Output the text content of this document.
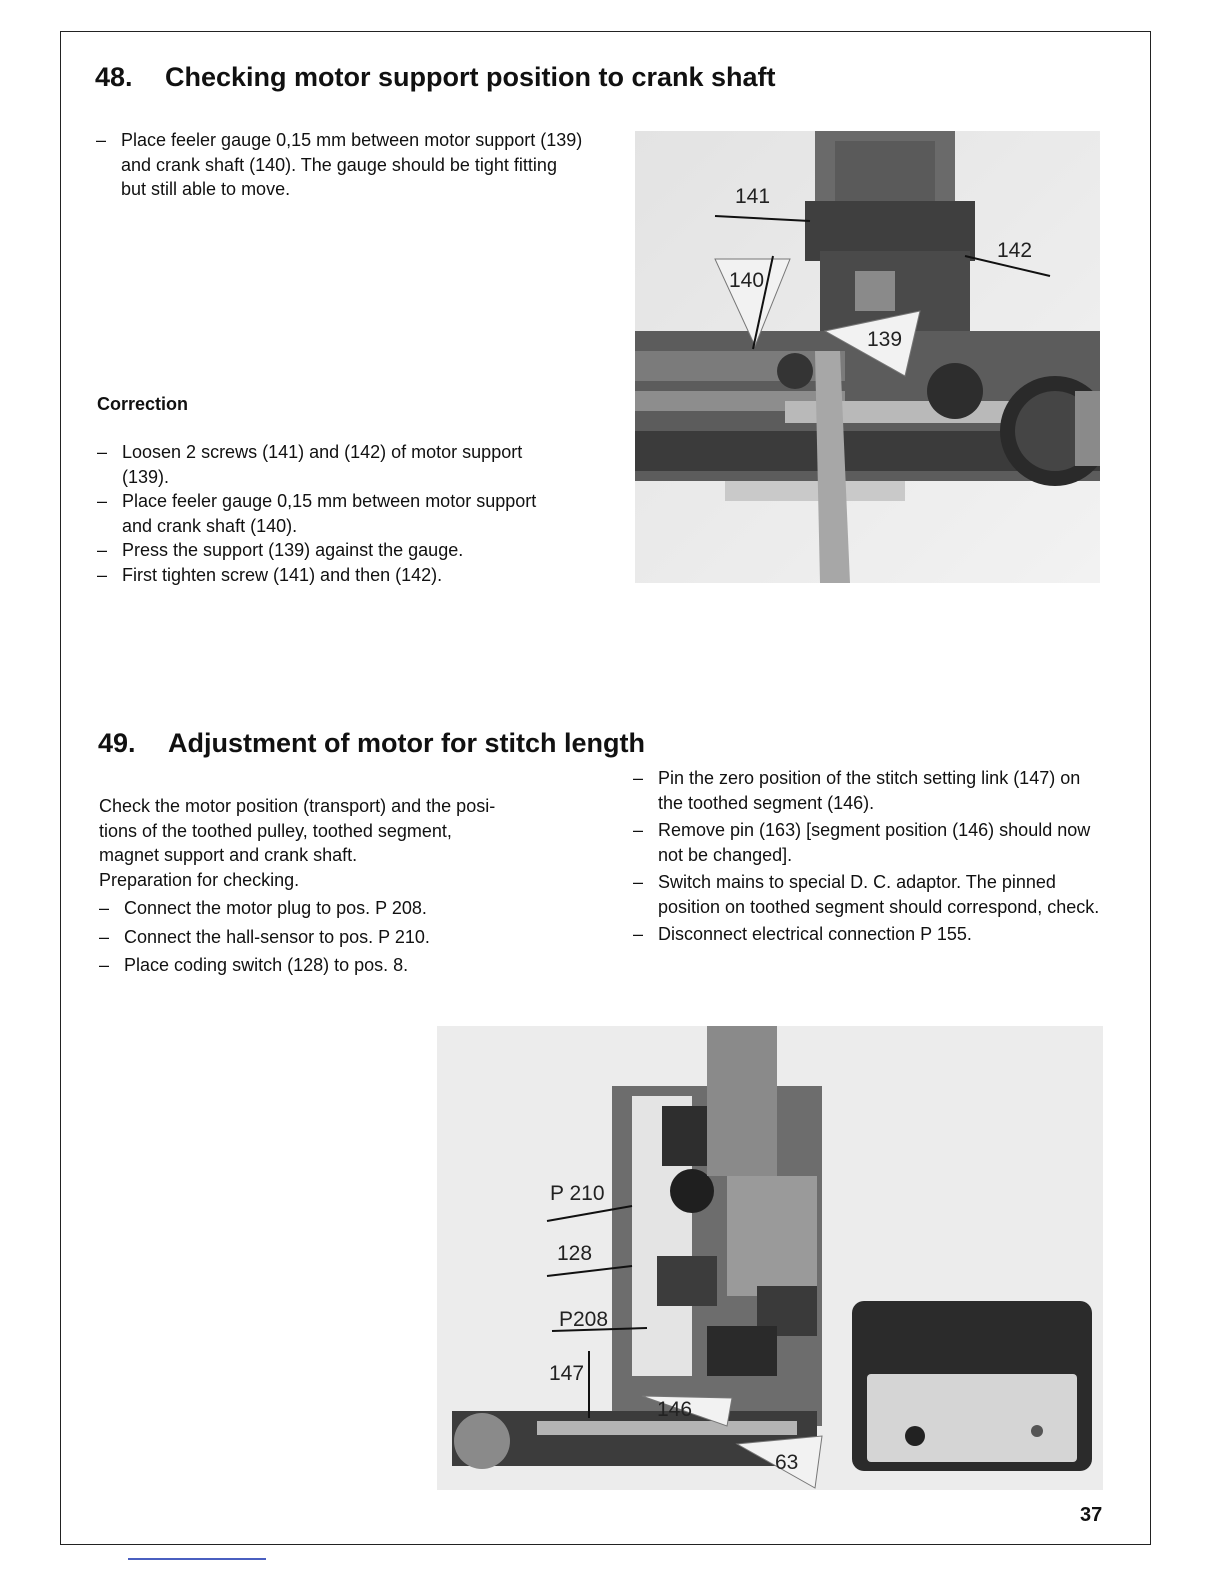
48. Checking motor support position to crank shaft
– Place feeler gauge 0,15 mm between motor support (139) and crank shaft (140). The gauge should be tight fitting but still able to move.
Correction
– Loosen 2 screws (141) and (142) of motor support (139).
– Place feeler gauge 0,15 mm between motor support and crank shaft (140).
– Press the support (139) against the gauge.
– First tighten screw (141) and then (142).
141
142
140
139
49. Adjustment of motor for stitch length

Check the motor position (transport) and the posi-

tions of the toothed pulley, toothed segment,

magnet support and crank shaft.

Preparation for checking.

– Connect the motor plug to pos. P 208.
– Connect the hall-sensor to pos. P 210.
– Place coding switch (128) to pos. 8.
– Pin the zero position of the stitch setting link (147) on the toothed segment (146).
– Remove pin (163) [segment position (146) should now not be changed].
– Switch mains to special D. C. adaptor. The pinned position on toothed segment should correspond, check.
– Disconnect electrical connection P 155.
P 210
128
P208
147
146
63
37
